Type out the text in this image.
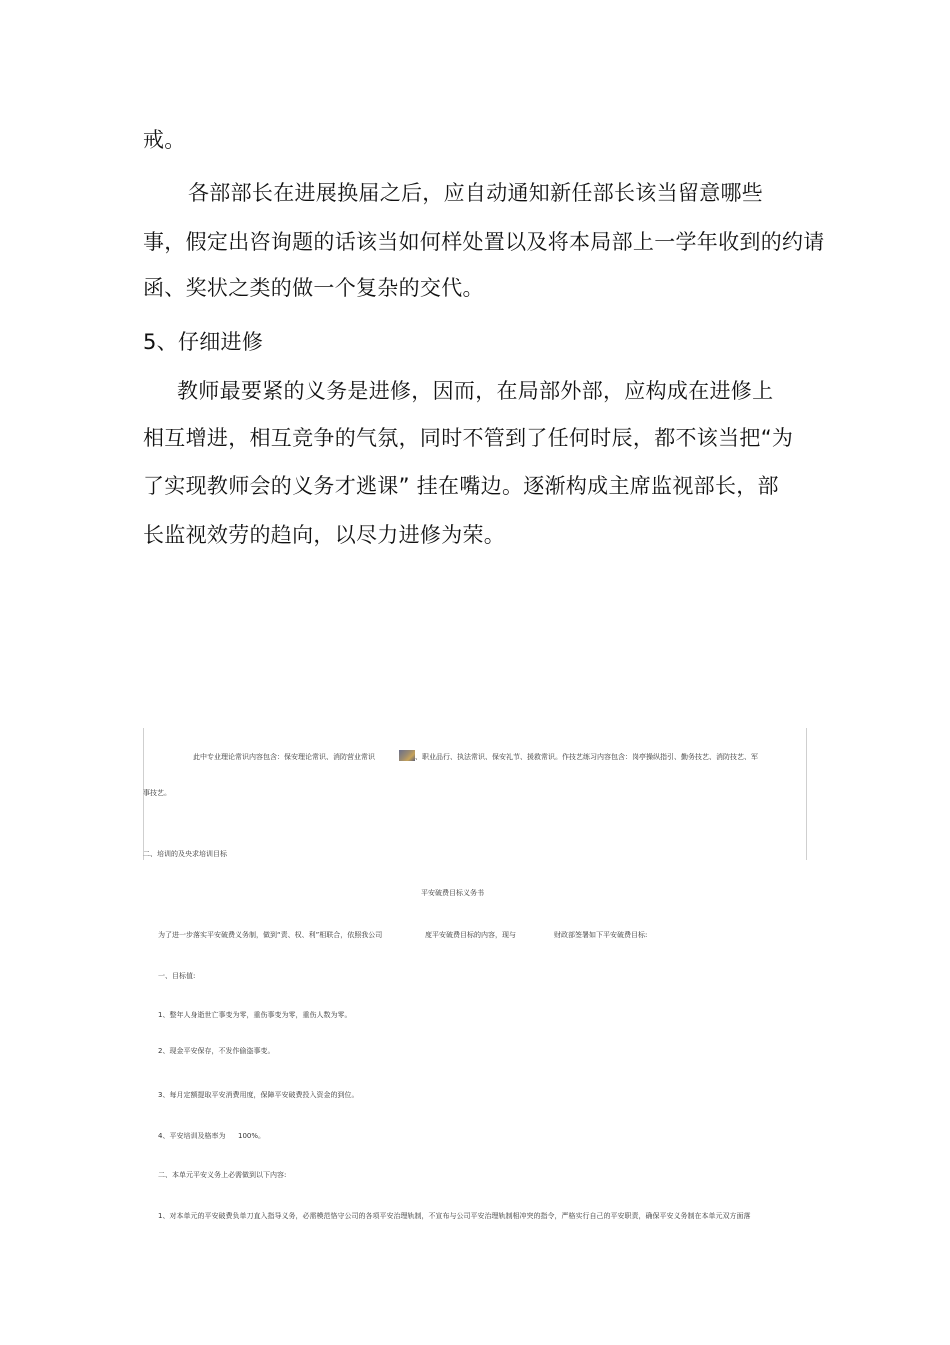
戒。
各部部长在进展换届之后，应自动通知新任部长该当留意哪些
事，假定出咨询题的话该当如何样处置以及将本局部上一学年收到的约请
函、奖状之类的做一个复杂的交代。
5、仔细进修
教师最要紧的义务是进修，因而，在局部外部，应构成在进修上
相互增进，相互竞争的气氛，同时不管到了任何时辰，都不该当把“为
了实现教师会的义务才逃课” 挂在嘴边。逐渐构成主席监视部长，部
长监视效劳的趋向，以尽力进修为荣。
此中专业理论常识内容包含：保安理论常识、消防营业常识	、职业品行、执法常识、保安礼节、援救常识。作技艺练习内容包含：岗亭操纵指引、勤务技艺、消防技艺、军
事技艺。
二、培训的及央求培训目标
平安破费目标义务书
为了进一步落实平安破费义务制，做到“责、权、利”相联合，依照我公司	度平安破费目标的内容，现与	财政部签署如下平安破费目标:
一、目标值:
1、整年人身逝世亡事变为零，重伤事变为零，重伤人数为零。
2、现金平安保存，不发作偷盗事变。
3、每月定额提取平安消费用度，保障平安破费投入资金的到位。
4、平安培训及格率为 100%。
二、本单元平安义务上必需做到以下内容:
1、对本单元的平安破费负单刀直入指导义务，必需模范恪守公司的各项平安治理轨制，不宣布与公司平安治理轨制相冲突的指令，严格实行自己的平安职责，确保平安义务制在本单元双方面落
